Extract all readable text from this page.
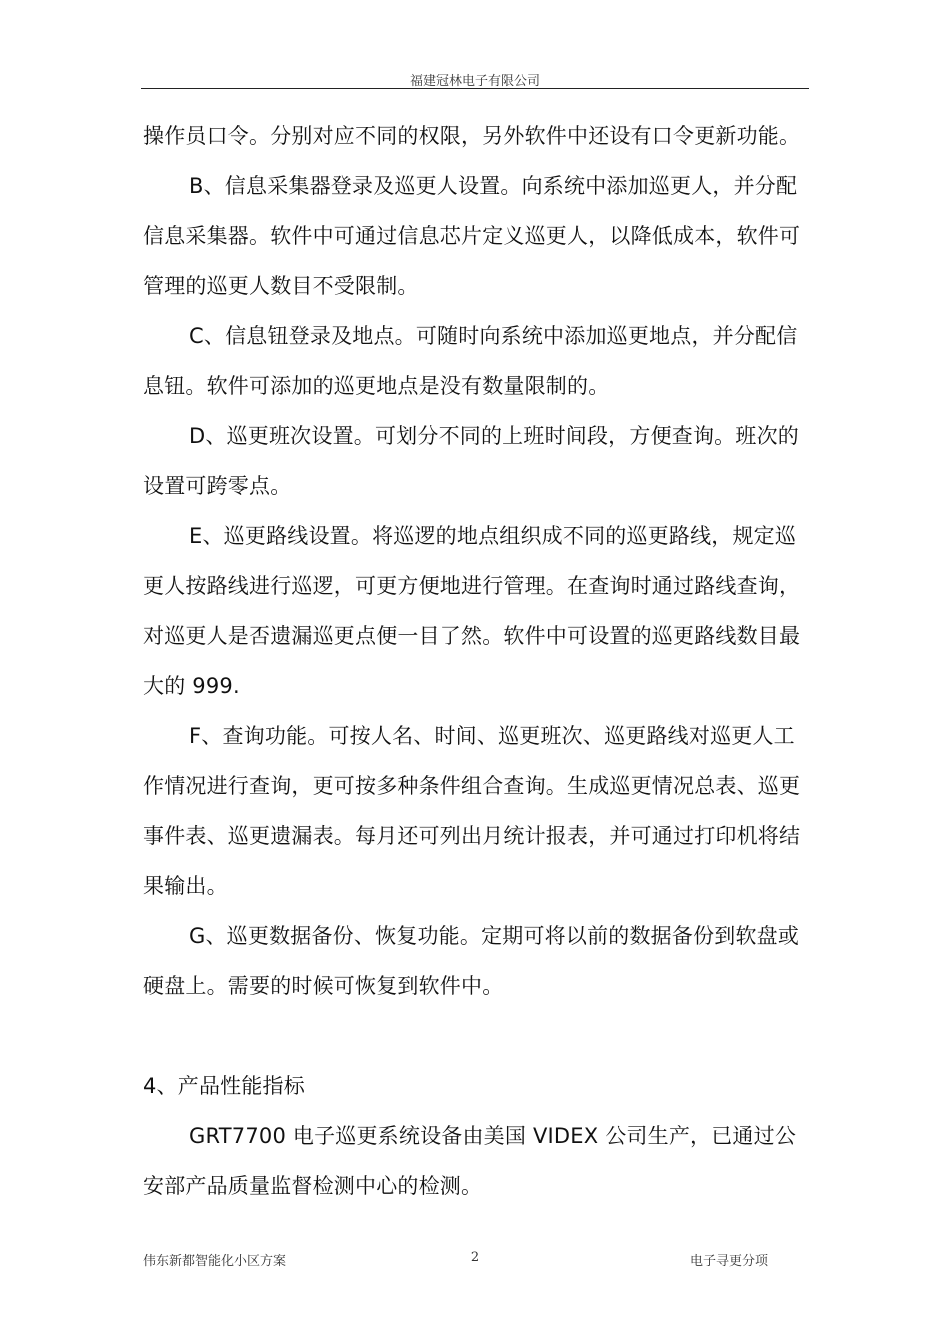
福建冠林电子有限公司

操作员口令。分别对应不同的权限，另外软件中还设有口令更新功能。

B、信息采集器登录及巡更人设置。向系统中添加巡更人，并分配信息采集器。软件中可通过信息芯片定义巡更人，以降低成本，软件可管理的巡更人数目不受限制。

C、信息钮登录及地点。可随时向系统中添加巡更地点，并分配信息钮。软件可添加的巡更地点是没有数量限制的。

D、巡更班次设置。可划分不同的上班时间段，方便查询。班次的设置可跨零点。

E、巡更路线设置。将巡逻的地点组织成不同的巡更路线，规定巡更人按路线进行巡逻，可更方便地进行管理。在查询时通过路线查询，对巡更人是否遗漏巡更点便一目了然。软件中可设置的巡更路线数目最大的 999.

F、查询功能。可按人名、时间、巡更班次、巡更路线对巡更人工作情况进行查询，更可按多种条件组合查询。生成巡更情况总表、巡更事件表、巡更遗漏表。每月还可列出月统计报表，并可通过打印机将结果输出。

G、巡更数据备份、恢复功能。定期可将以前的数据备份到软盘或硬盘上。需要的时候可恢复到软件中。

4、产品性能指标

GRT7700 电子巡更系统设备由美国 VIDEX 公司生产，已通过公安部产品质量监督检测中心的检测。

伟东新都智能化小区方案	2	电子寻更分项
